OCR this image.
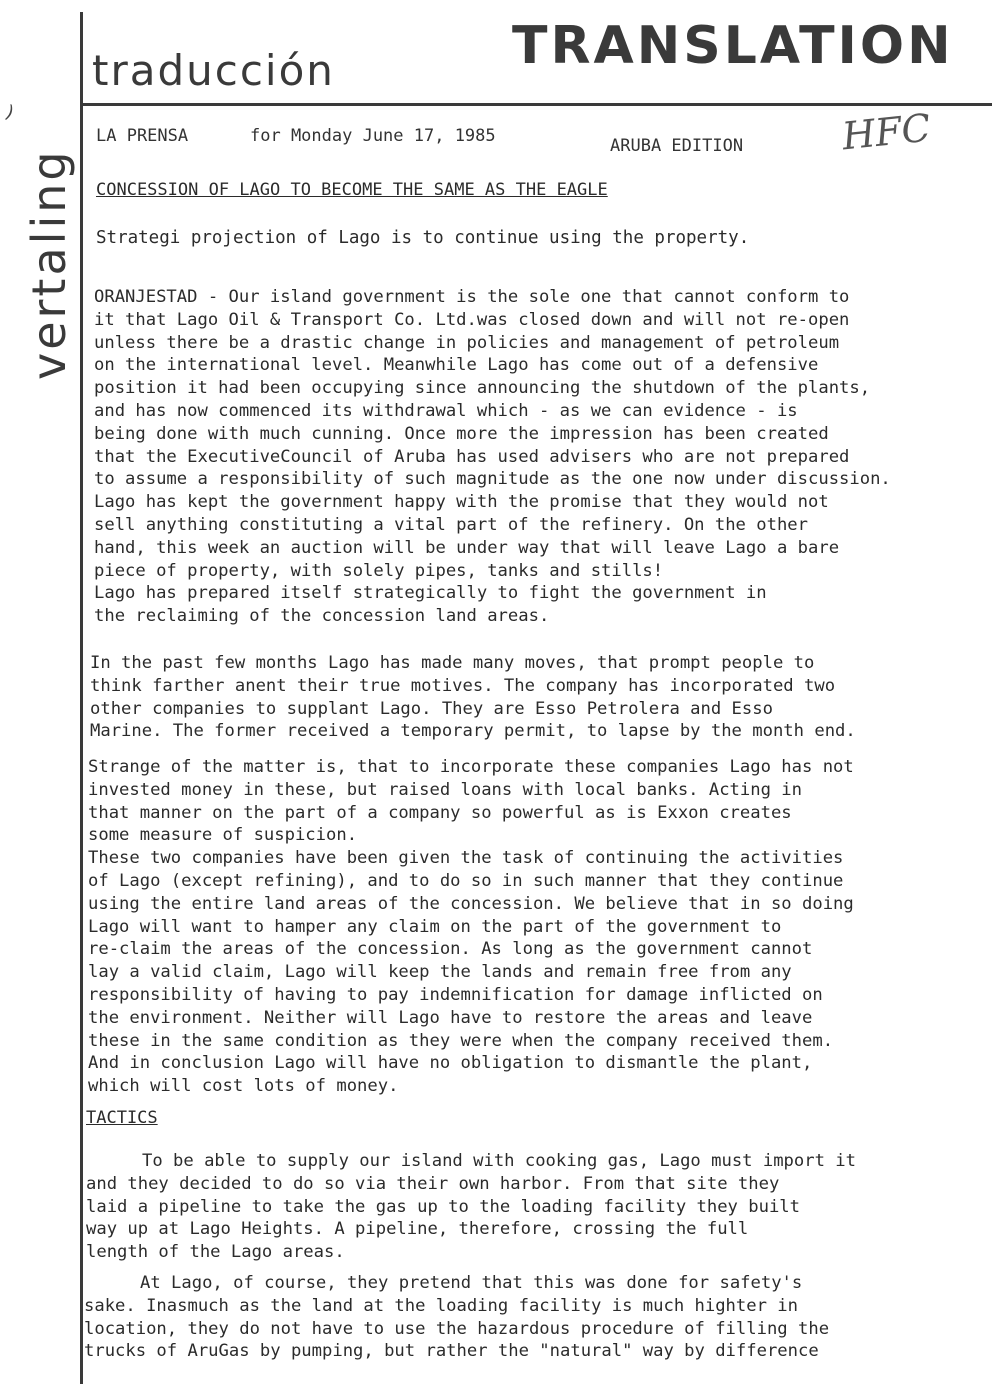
)
traducción	TRANSLATION
vertaling
LA PRENSA	for Monday June 17, 1985	ARUBA EDITION	HFC
CONCESSION OF LAGO TO BECOME THE SAME AS THE EAGLE
Strategi projection of Lago is to continue using the property.

ORANJESTAD - Our island government is the sole one that cannot conform to
it that Lago Oil & Transport Co. Ltd.was closed down and will not re-open
unless there be a drastic change in policies and management of petroleum
on the international level. Meanwhile Lago has come out of a defensive
position it had been occupying since announcing the shutdown of the plants,
and has now commenced its withdrawal which - as we can evidence - is
being done with much cunning. Once more the impression has been created
that the ExecutiveCouncil of Aruba has used advisers who are not prepared
to assume a responsibility of such magnitude as the one now under discussion.
Lago has kept the government happy with the promise that they would not
sell anything constituting a vital part of the refinery. On the other
hand, this week an auction will be under way that will leave Lago a bare
piece of property, with solely pipes, tanks and stills!
Lago has prepared itself strategically to fight the government in
the reclaiming of the concession land areas.

In the past few months Lago has made many moves, that prompt people to
think farther anent their true motives. The company has incorporated two
other companies to supplant Lago. They are Esso Petrolera and Esso
Marine. The former received a temporary permit, to lapse by the month end.

Strange of the matter is, that to incorporate these companies Lago has not
invested money in these, but raised loans with local banks. Acting in
that manner on the part of a company so powerful as is Exxon creates
some measure of suspicion.
These two companies have been given the task of continuing the activities
of Lago (except refining), and to do so in such manner that they continue
using the entire land areas of the concession. We believe that in so doing
Lago will want to hamper any claim on the part of the government to
re-claim the areas of the concession. As long as the government cannot
lay a valid claim, Lago will keep the lands and remain free from any
responsibility of having to pay indemnification for damage inflicted on
the environment. Neither will Lago have to restore the areas and leave
these in the same condition as they were when the company received them.
And in conclusion Lago will have no obligation to dismantle the plant,
which will cost lots of money.

TACTICS

To be able to supply our island with cooking gas, Lago must import it
and they decided to do so via their own harbor. From that site they
laid a pipeline to take the gas up to the loading facility they built
way up at Lago Heights. A pipeline, therefore, crossing the full
length of the Lago areas.

At Lago, of course, they pretend that this was done for safety's
sake. Inasmuch as the land at the loading facility is much highter in
location, they do not have to use the hazardous procedure of filling the
trucks of AruGas by pumping, but rather the "natural" way by difference
